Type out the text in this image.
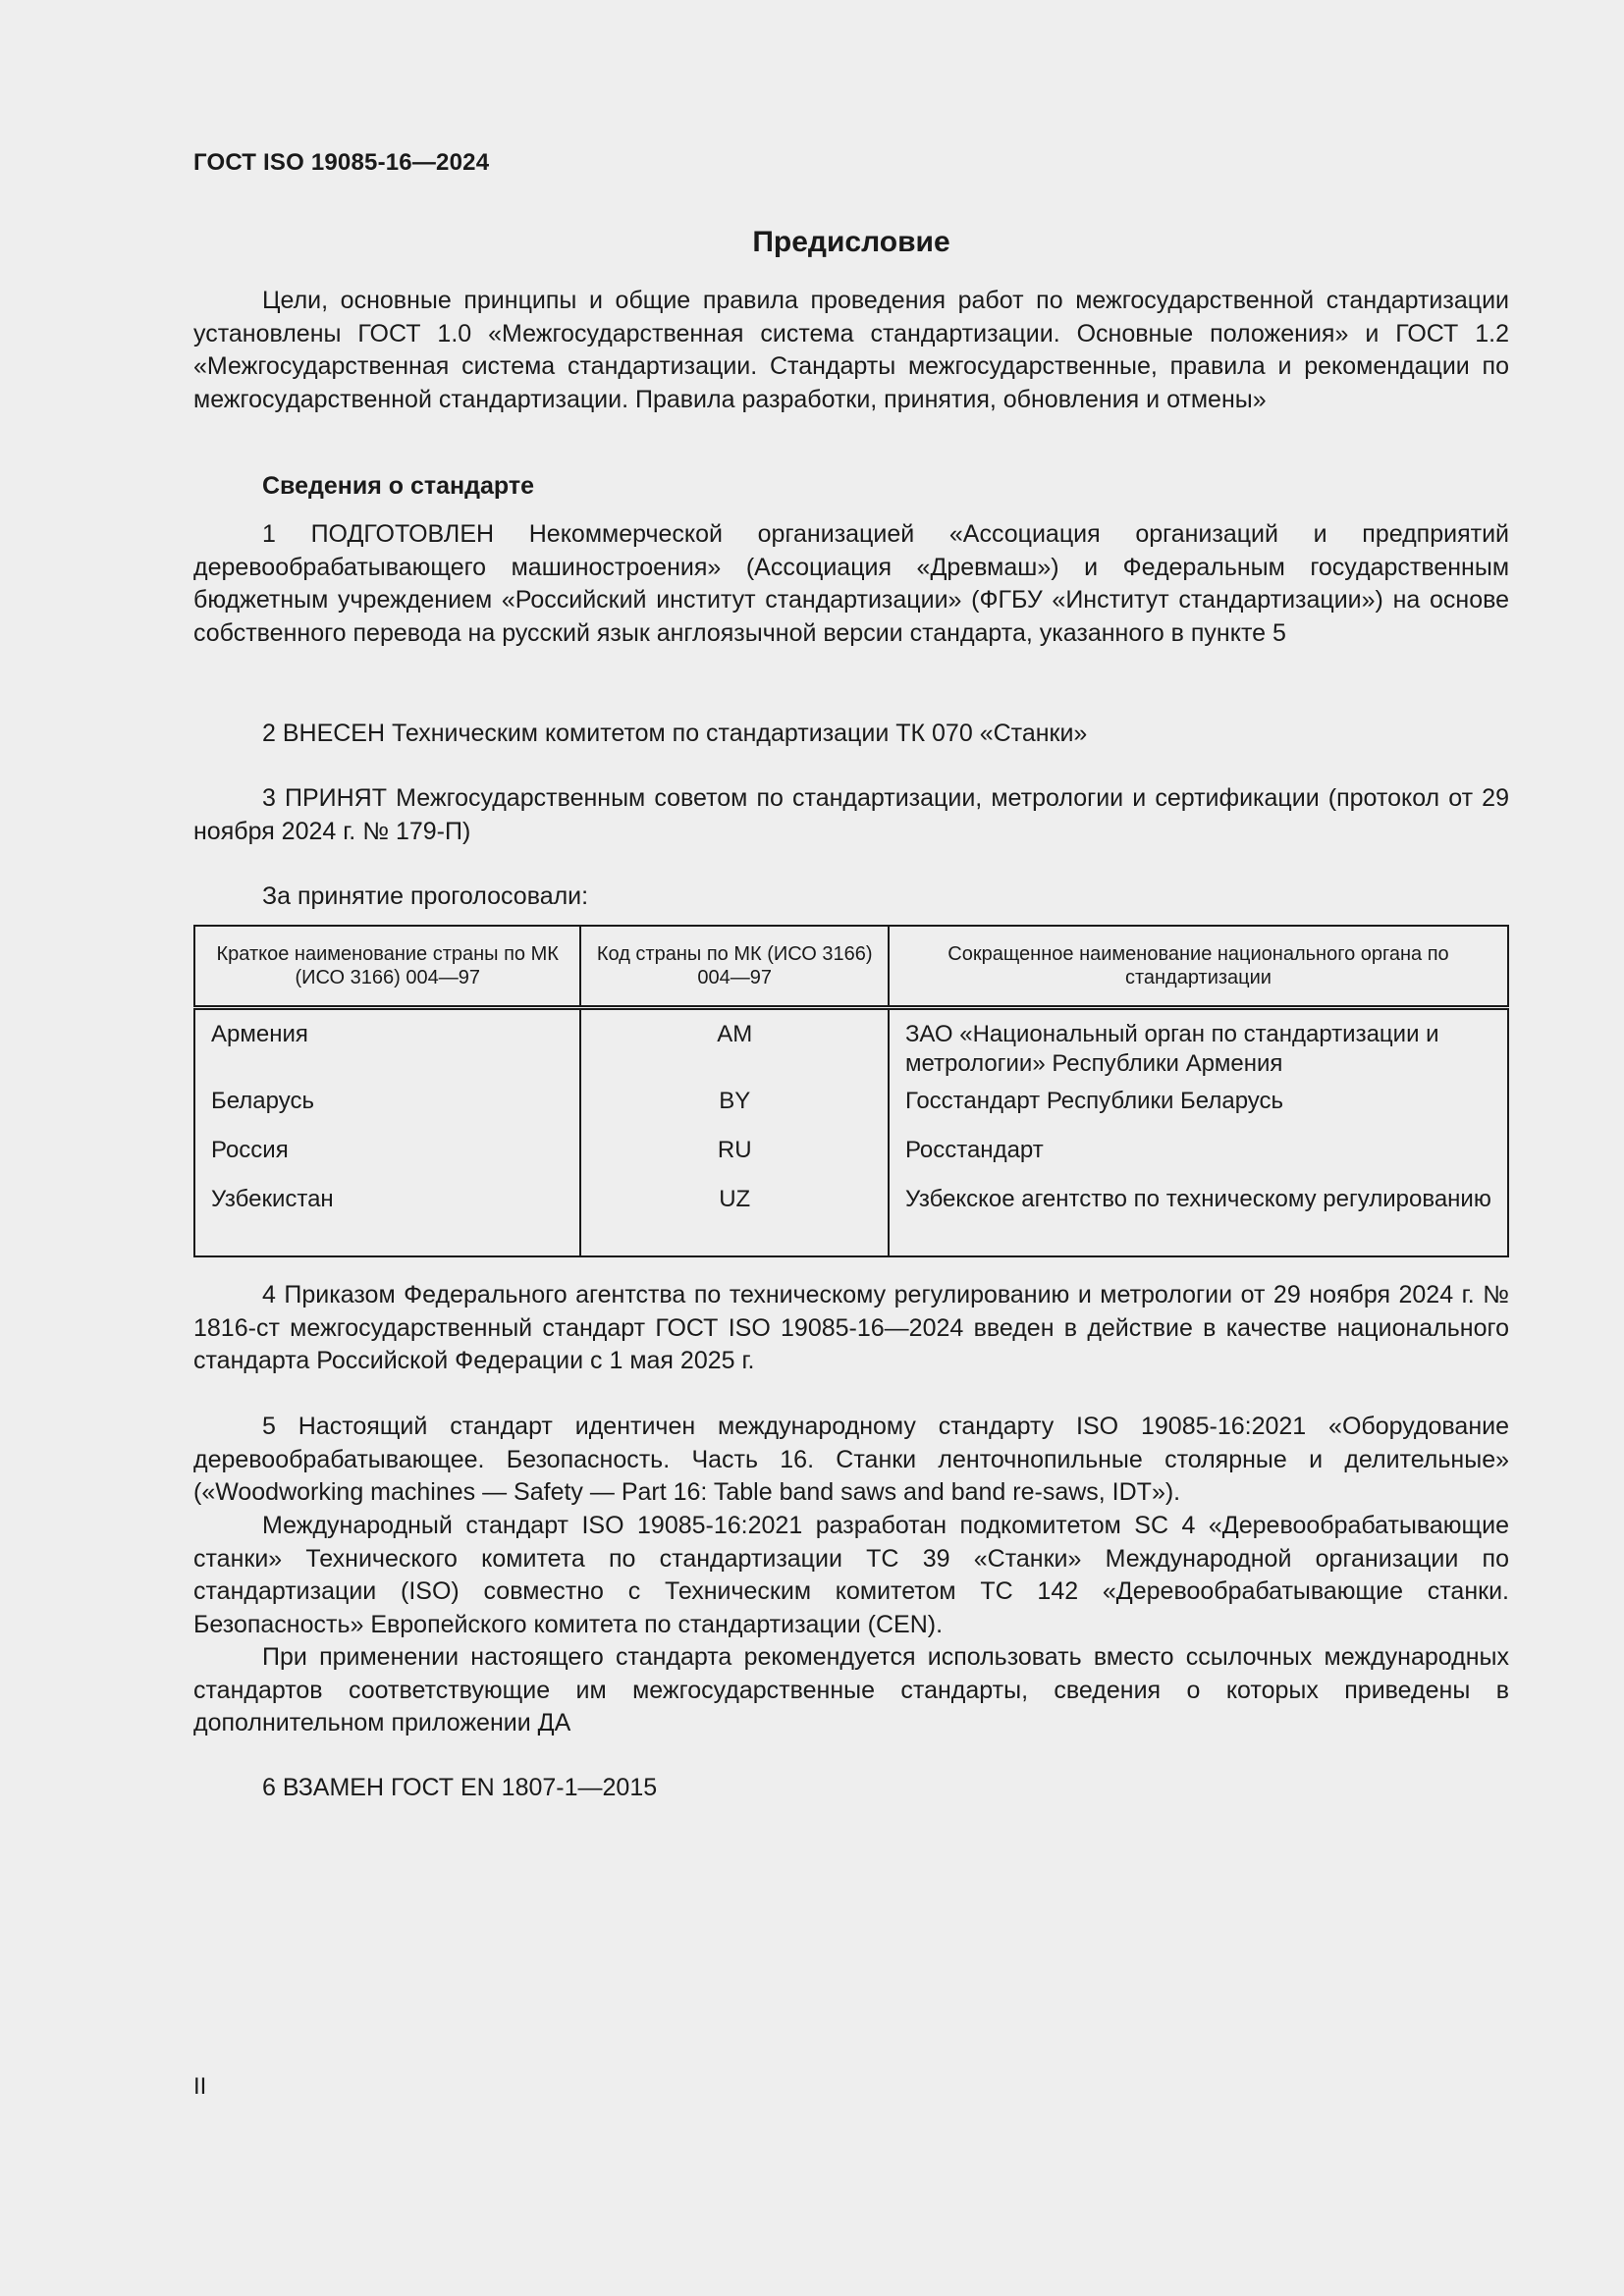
ГОСТ ISO 19085-16—2024
Предисловие

Цели, основные принципы и общие правила проведения работ по межгосударственной стандартизации установлены ГОСТ 1.0 «Межгосударственная система стандартизации. Основные положения» и ГОСТ 1.2 «Межгосударственная система стандартизации. Стандарты межгосударственные, правила и рекомендации по межгосударственной стандартизации. Правила разработки, принятия, обновления и отмены»

Сведения о стандарте

1 ПОДГОТОВЛЕН Некоммерческой организацией «Ассоциация организаций и предприятий деревообрабатывающего машиностроения» (Ассоциация «Древмаш») и Федеральным государственным бюджетным учреждением «Российский институт стандартизации» (ФГБУ «Институт стандартизации») на основе собственного перевода на русский язык англоязычной версии стандарта, указанного в пункте 5

2 ВНЕСЕН Техническим комитетом по стандартизации ТК 070 «Станки»

3 ПРИНЯТ Межгосударственным советом по стандартизации, метрологии и сертификации (протокол от 29 ноября 2024 г. № 179-П)

За принятие проголосовали:

Краткое наименование страны по МК (ИСО 3166) 004—97	Код страны по МК (ИСО 3166) 004—97	Сокращенное наименование национального органа по стандартизации
Армения	AM	ЗАО «Национальный орган по стандартизации и метрологии» Республики Армения
Беларусь	BY	Госстандарт Республики Беларусь
Россия	RU	Росстандарт
Узбекистан	UZ	Узбекское агентство по техническому регулированию

4 Приказом Федерального агентства по техническому регулированию и метрологии от 29 ноября 2024 г. № 1816-ст межгосударственный стандарт ГОСТ ISO 19085-16—2024 введен в действие в качестве национального стандарта Российской Федерации с 1 мая 2025 г.

5 Настоящий стандарт идентичен международному стандарту ISO 19085-16:2021 «Оборудование деревообрабатывающее. Безопасность. Часть 16. Станки ленточнопильные столярные и делительные» («Woodworking machines — Safety — Part 16: Table band saws and band re-saws, IDT»).

Международный стандарт ISO 19085-16:2021 разработан подкомитетом SC 4 «Деревообрабатывающие станки» Технического комитета по стандартизации ТС 39 «Станки» Международной организации по стандартизации (ISO) совместно с Техническим комитетом ТС 142 «Деревообрабатывающие станки. Безопасность» Европейского комитета по стандартизации (CEN).

При применении настоящего стандарта рекомендуется использовать вместо ссылочных международных стандартов соответствующие им межгосударственные стандарты, сведения о которых приведены в дополнительном приложении ДА

6 ВЗАМЕН ГОСТ EN 1807-1—2015

II
